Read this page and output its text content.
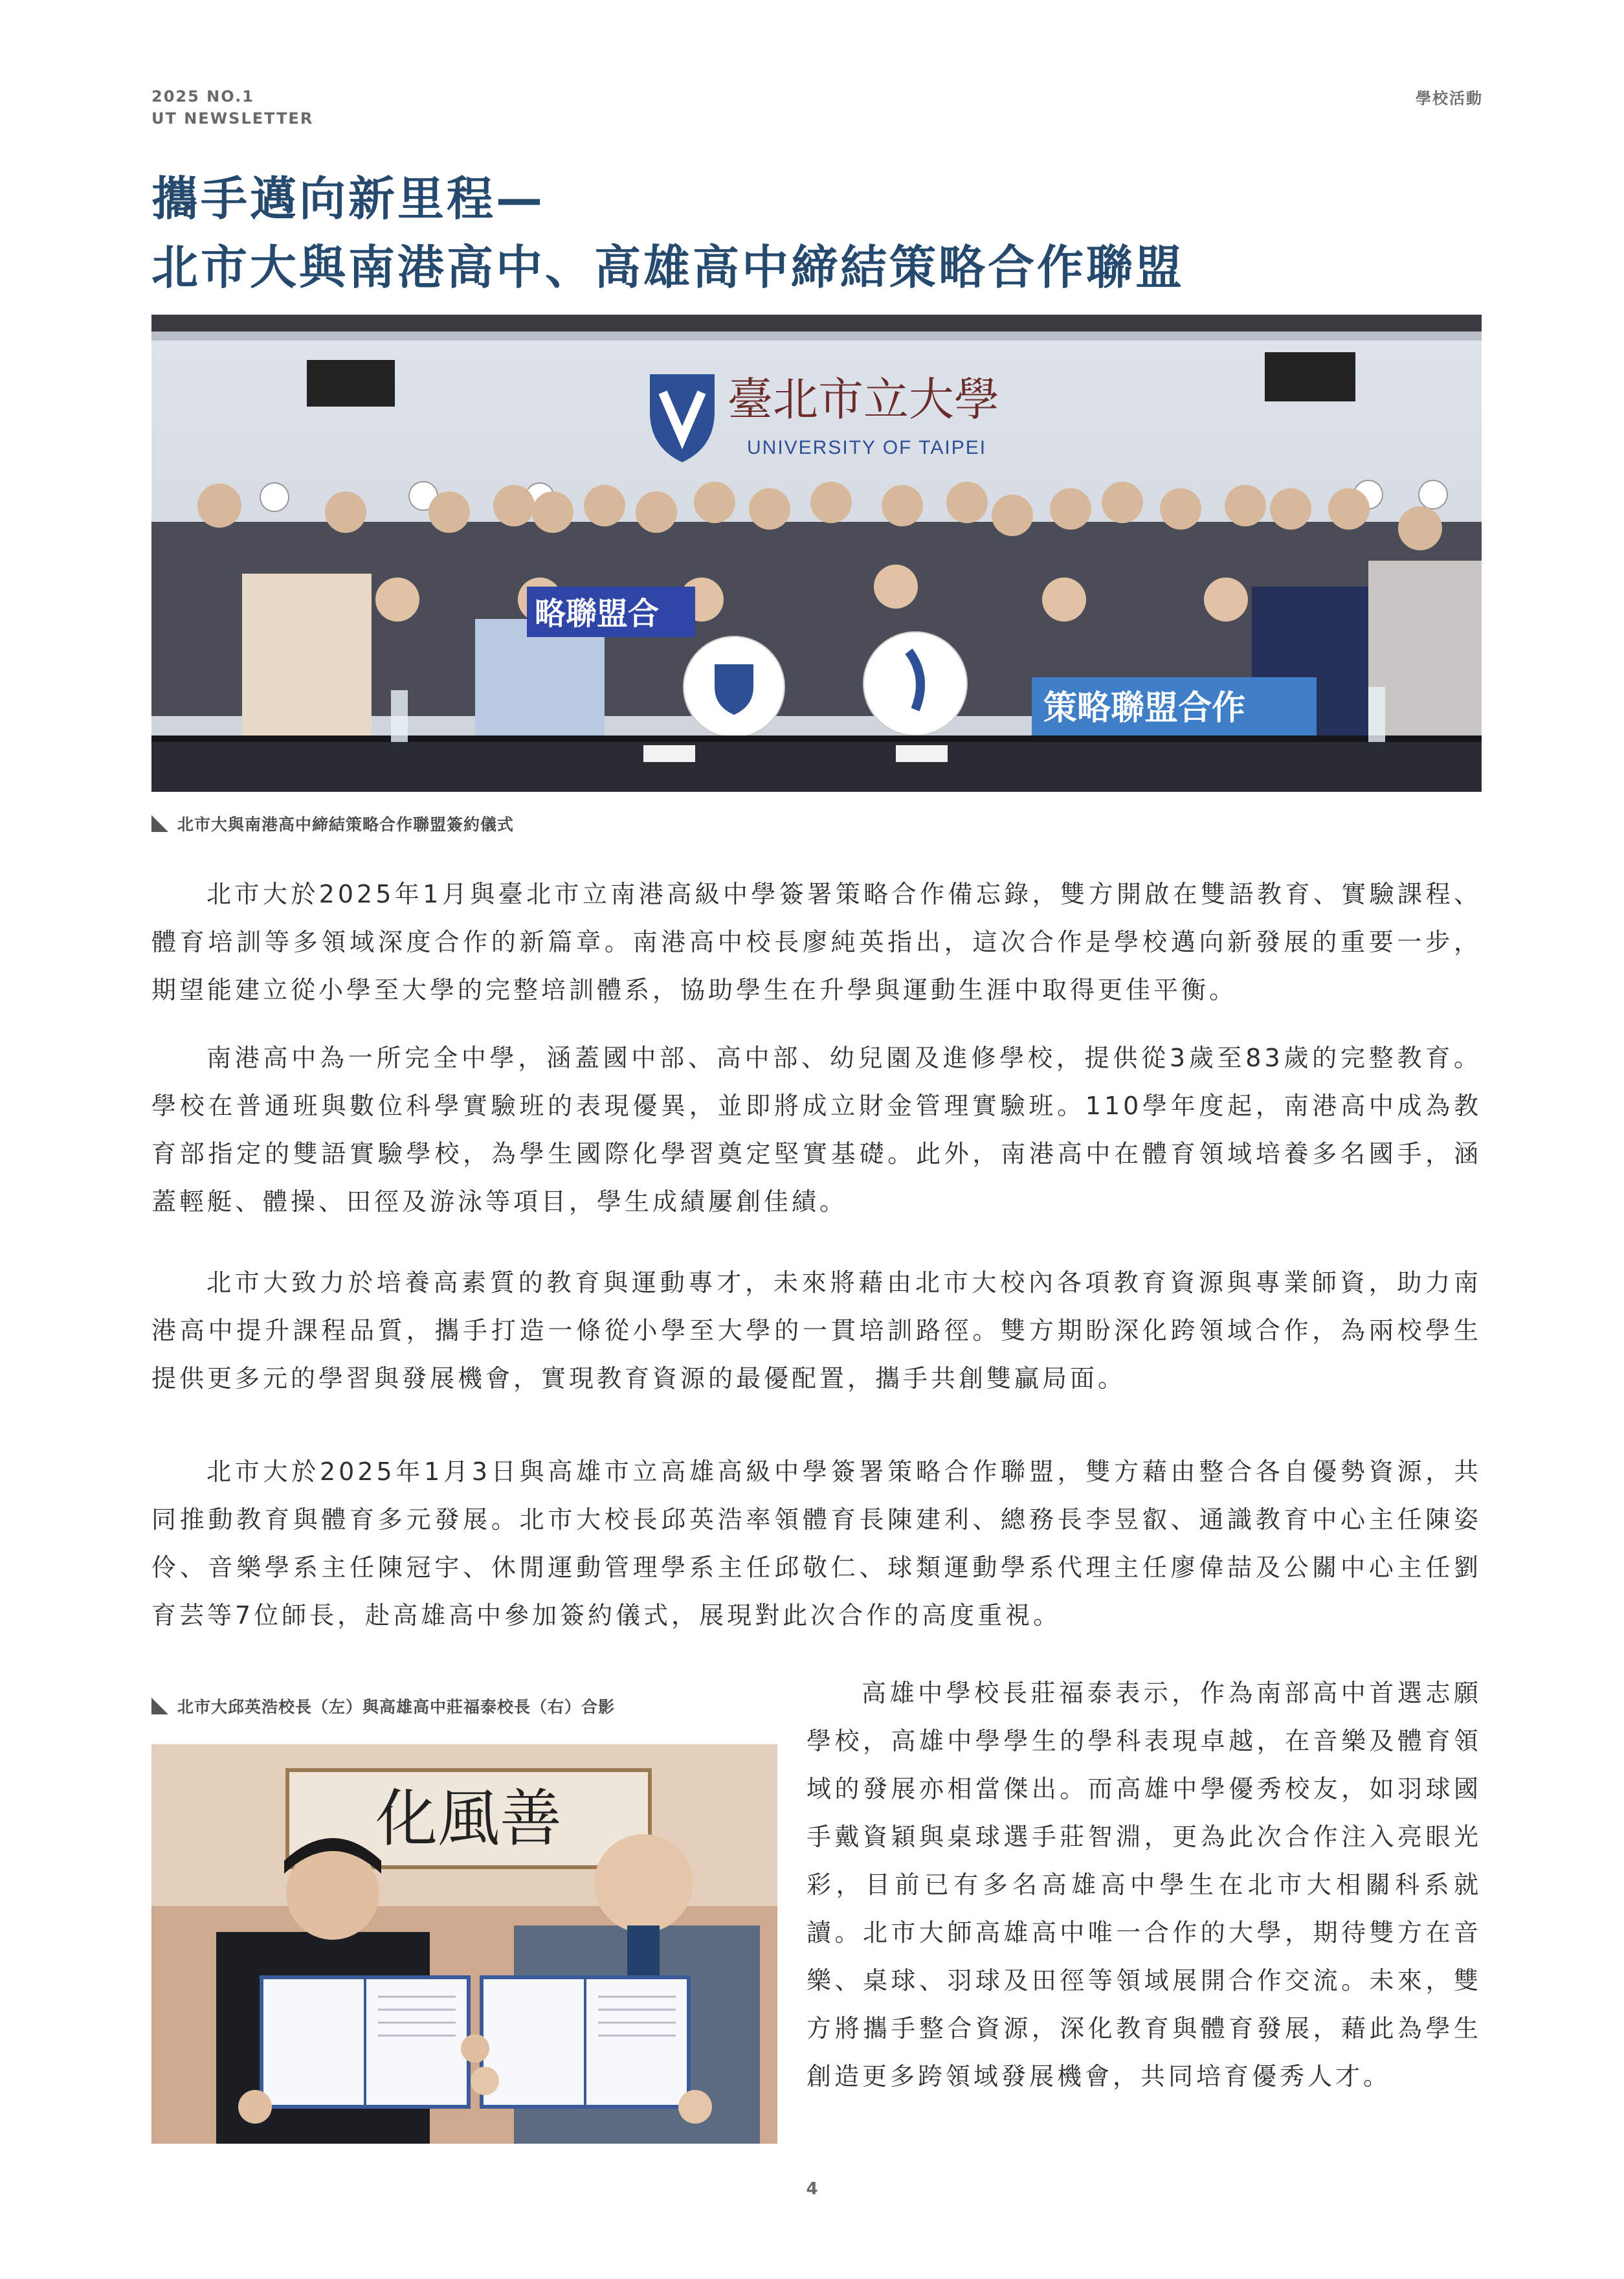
2025 NO.1
UT NEWSLETTER
學校活動
攜手邁向新里程—
北市大與南港高中、高雄高中締結策略合作聯盟
臺北市立大學
UNIVERSITY OF TAIPEI
略聯盟合
策略聯盟合作
北市大與南港高中締結策略合作聯盟簽約儀式

北市大於2025年1月與臺北市立南港高級中學簽署策略合作備忘錄，雙方開啟在雙語教育、實驗課程、體育培訓等多領域深度合作的新篇章。南港高中校長廖純英指出，這次合作是學校邁向新發展的重要一步，期望能建立從小學至大學的完整培訓體系，協助學生在升學與運動生涯中取得更佳平衡。

南港高中為一所完全中學，涵蓋國中部、高中部、幼兒園及進修學校，提供從3歲至83歲的完整教育。學校在普通班與數位科學實驗班的表現優異，並即將成立財金管理實驗班。110學年度起，南港高中成為教育部指定的雙語實驗學校，為學生國際化學習奠定堅實基礎。此外，南港高中在體育領域培養多名國手，涵蓋輕艇、體操、田徑及游泳等項目，學生成績屢創佳績。

北市大致力於培養高素質的教育與運動專才，未來將藉由北市大校內各項教育資源與專業師資，助力南港高中提升課程品質，攜手打造一條從小學至大學的一貫培訓路徑。雙方期盼深化跨領域合作，為兩校學生提供更多元的學習與發展機會，實現教育資源的最優配置，攜手共創雙贏局面。

北市大於2025年1月3日與高雄市立高雄高級中學簽署策略合作聯盟，雙方藉由整合各自優勢資源，共同推動教育與體育多元發展。北市大校長邱英浩率領體育長陳建利、總務長李昱叡、通識教育中心主任陳姿伶、音樂學系主任陳冠宇、休閒運動管理學系主任邱敬仁、球類運動學系代理主任廖偉喆及公關中心主任劉育芸等7位師長，赴高雄高中參加簽約儀式，展現對此次合作的高度重視。

北市大邱英浩校長（左）與高雄高中莊福泰校長（右）合影
化風善

高雄中學校長莊福泰表示，作為南部高中首選志願學校，高雄中學學生的學科表現卓越，在音樂及體育領域的發展亦相當傑出。而高雄中學優秀校友，如羽球國手戴資穎與桌球選手莊智淵，更為此次合作注入亮眼光彩，目前已有多名高雄高中學生在北市大相關科系就讀。北市大師高雄高中唯一合作的大學，期待雙方在音樂、桌球、羽球及田徑等領域展開合作交流。未來，雙方將攜手整合資源，深化教育與體育發展，藉此為學生創造更多跨領域發展機會，共同培育優秀人才。

4
